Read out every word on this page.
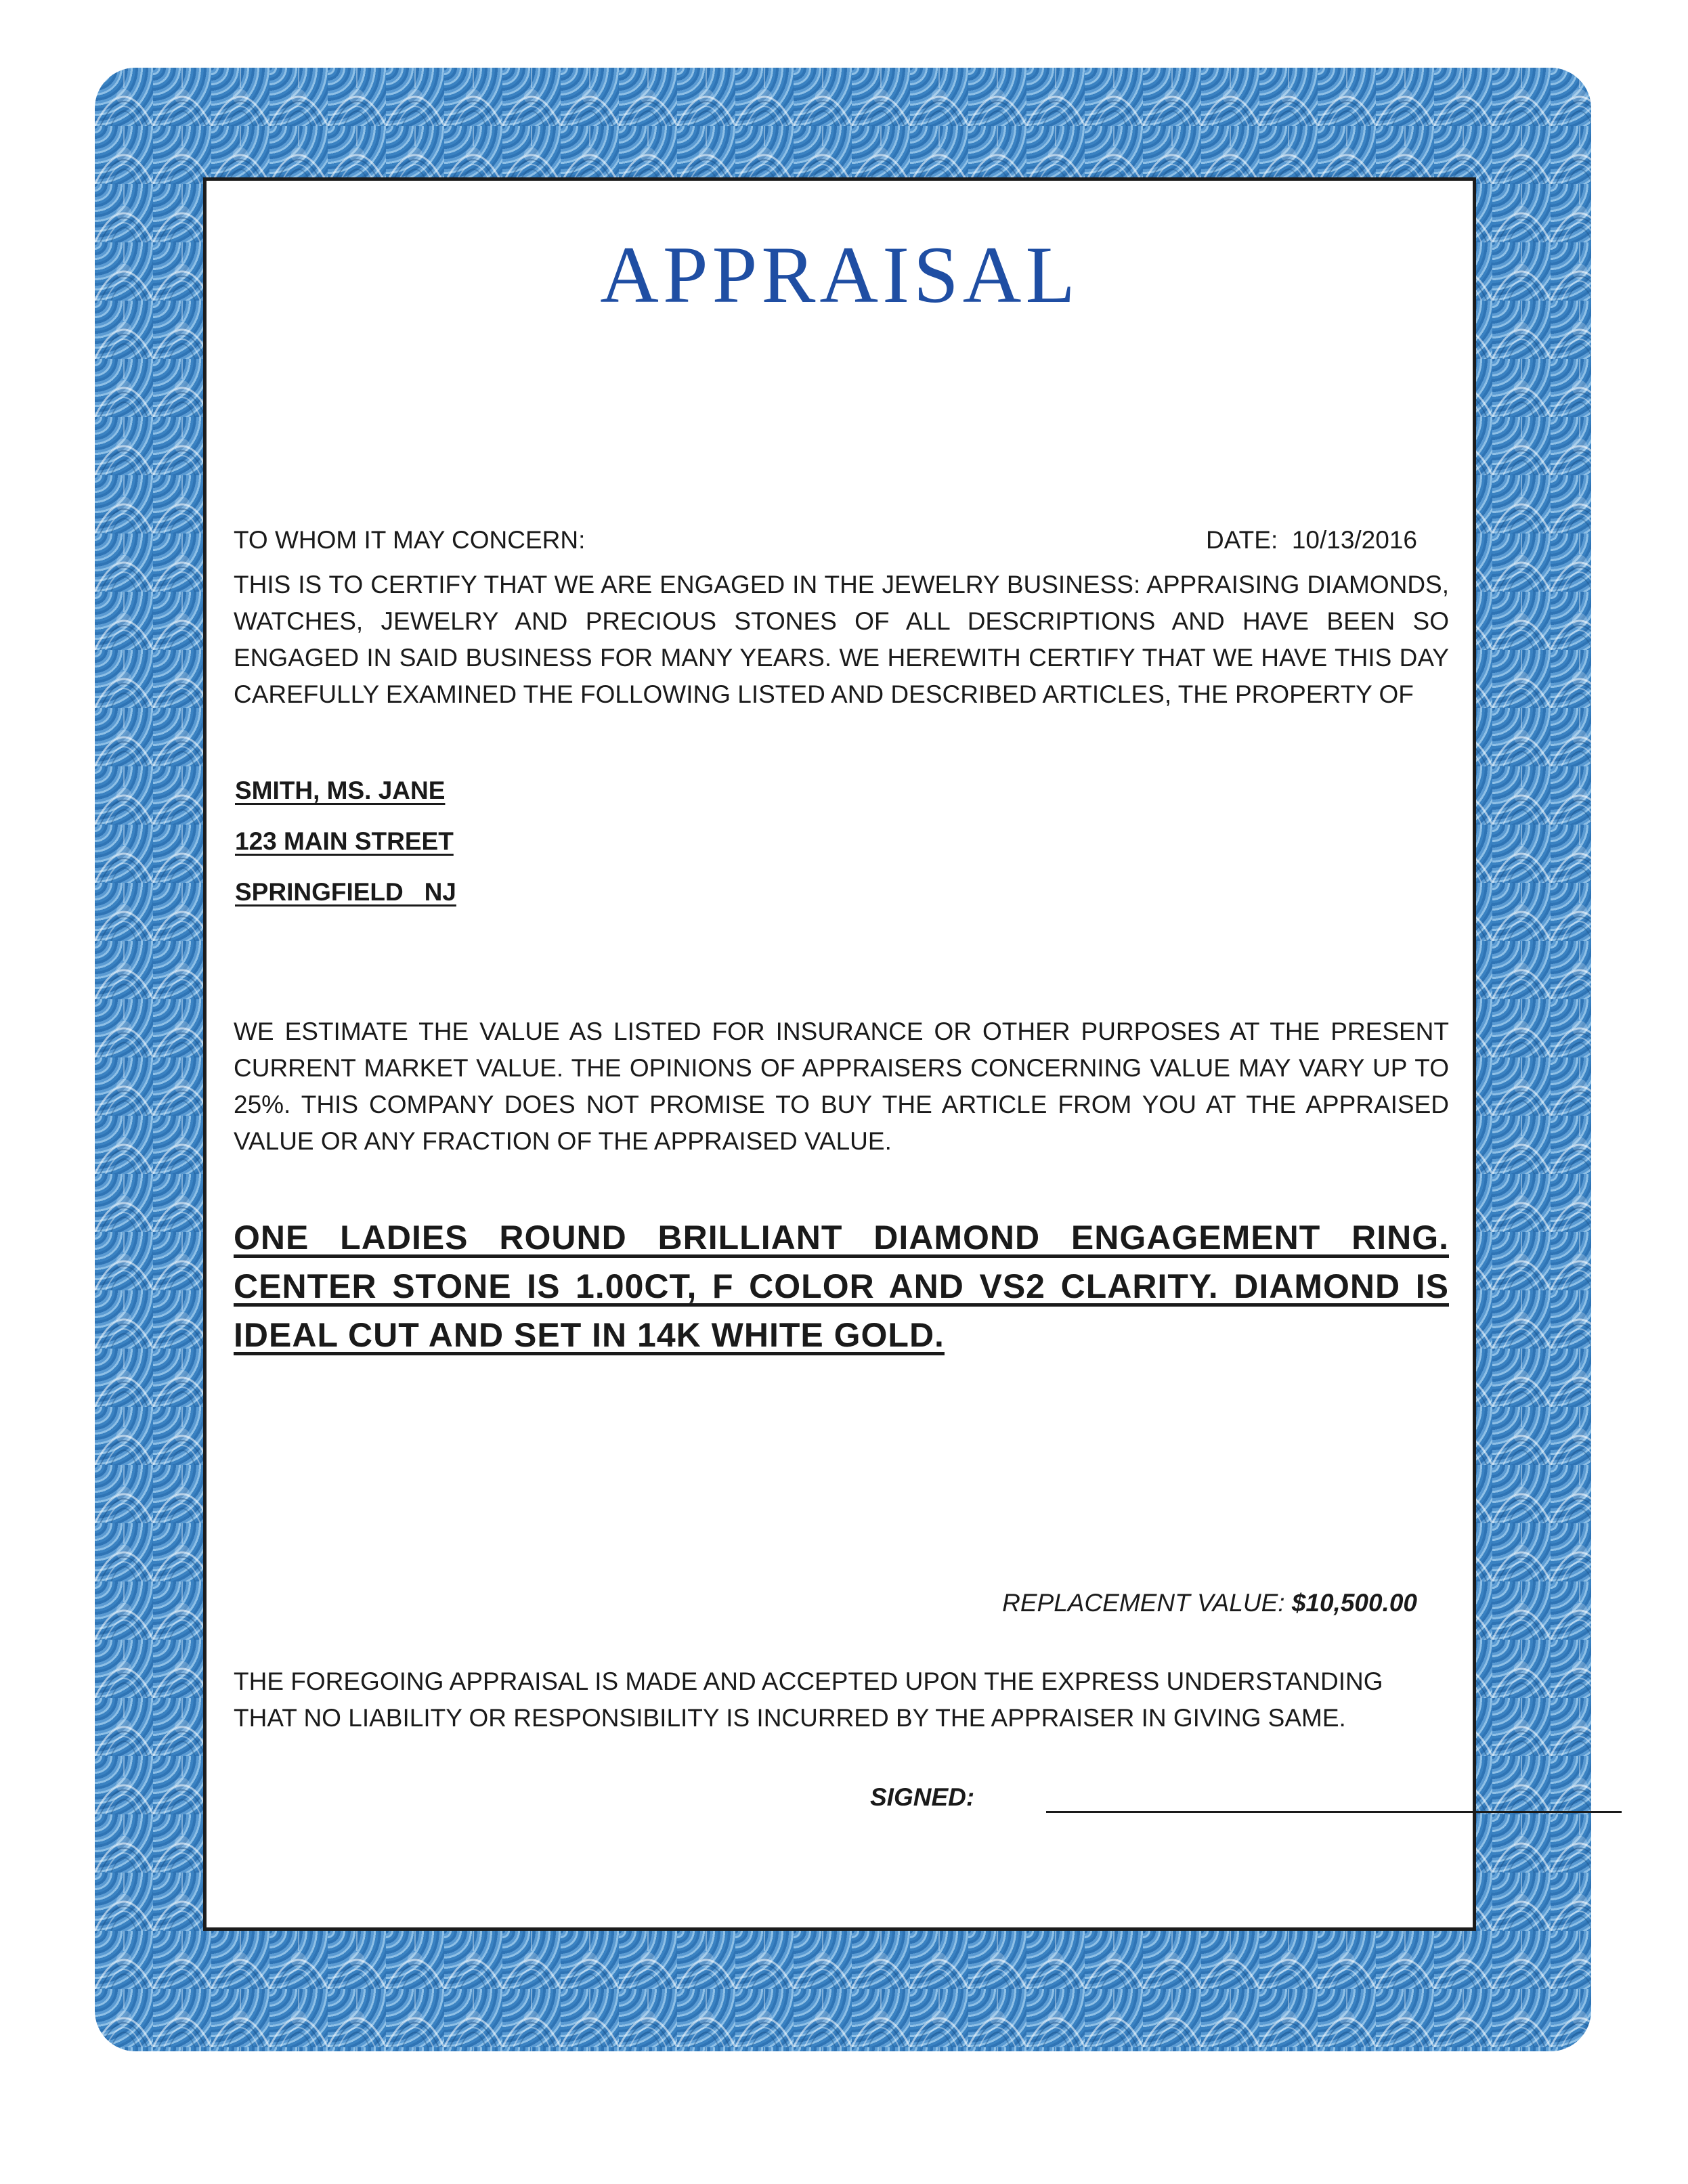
APPRAISAL
TO WHOM IT MAY CONCERN:	DATE: 10/13/2016
THIS IS TO CERTIFY THAT WE ARE ENGAGED IN THE JEWELRY BUSINESS: APPRAISING DIAMONDS, WATCHES, JEWELRY AND PRECIOUS STONES OF ALL DESCRIPTIONS AND HAVE BEEN SO ENGAGED IN SAID BUSINESS FOR MANY YEARS. WE HEREWITH CERTIFY THAT WE HAVE THIS DAY CAREFULLY EXAMINED THE FOLLOWING LISTED AND DESCRIBED ARTICLES, THE PROPERTY OF
SMITH, MS. JANE
123 MAIN STREET
SPRINGFIELD   NJ
WE ESTIMATE THE VALUE AS LISTED FOR INSURANCE OR OTHER PURPOSES AT THE PRESENT CURRENT MARKET VALUE. THE OPINIONS OF APPRAISERS CONCERNING VALUE MAY VARY UP TO 25%. THIS COMPANY DOES NOT PROMISE TO BUY THE ARTICLE FROM YOU AT THE APPRAISED VALUE OR ANY FRACTION OF THE APPRAISED VALUE.
ONE LADIES ROUND BRILLIANT DIAMOND ENGAGEMENT RING. CENTER STONE IS 1.00CT, F COLOR AND VS2 CLARITY. DIAMOND IS IDEAL CUT AND SET IN 14K WHITE GOLD.
REPLACEMENT VALUE: $10,500.00
THE FOREGOING APPRAISAL IS MADE AND ACCEPTED UPON THE EXPRESS UNDERSTANDING THAT NO LIABILITY OR RESPONSIBILITY IS INCURRED BY THE APPRAISER IN GIVING SAME.
SIGNED:
